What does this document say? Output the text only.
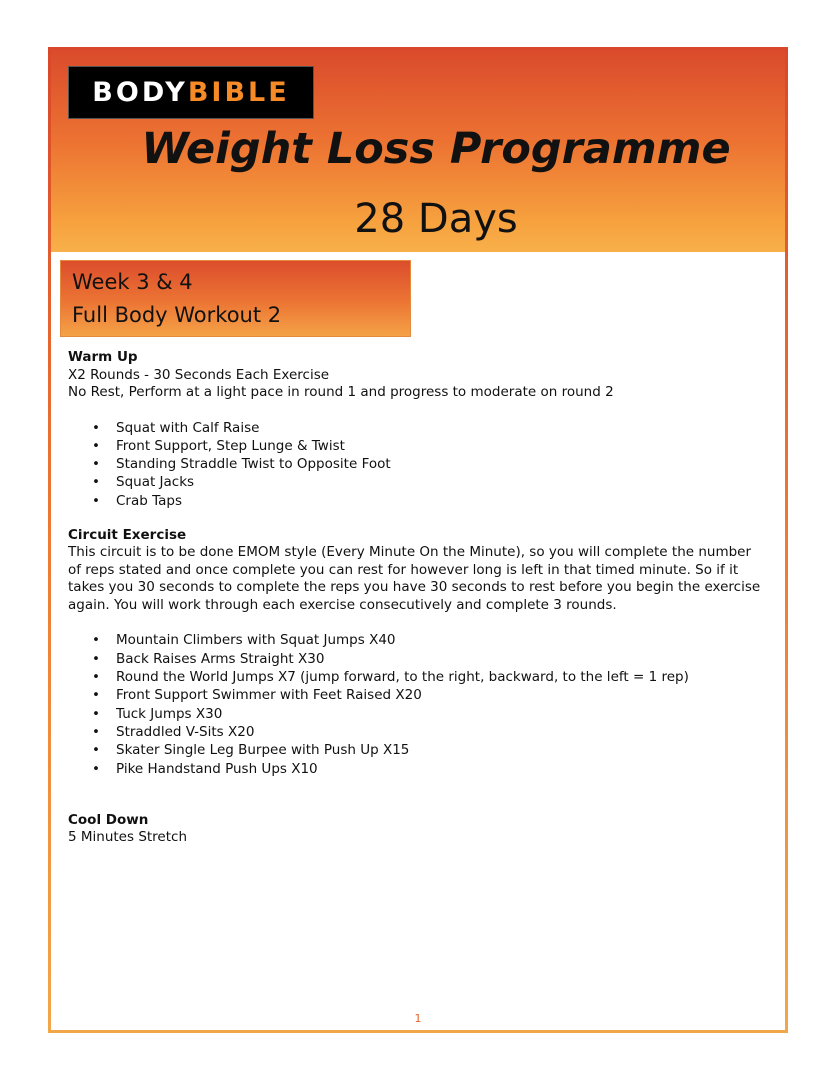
BODY BIBLE
Weight Loss Programme
28 Days
Week 3 & 4
Full Body Workout 2

Warm Up

X2 Rounds - 30 Seconds Each Exercise

No Rest, Perform at a light pace in round 1 and progress to moderate on round 2

• Squat with Calf Raise
• Front Support, Step Lunge & Twist
• Standing Straddle Twist to Opposite Foot
• Squat Jacks
• Crab Taps

Circuit Exercise

This circuit is to be done EMOM style (Every Minute On the Minute), so you will complete the number

of reps stated and once complete you can rest for however long is left in that timed minute. So if it

takes you 30 seconds to complete the reps you have 30 seconds to rest before you begin the exercise

again. You will work through each exercise consecutively and complete 3 rounds.

• Mountain Climbers with Squat Jumps X40
• Back Raises Arms Straight X30
• Round the World Jumps X7 (jump forward, to the right, backward, to the left = 1 rep)
• Front Support Swimmer with Feet Raised X20
• Tuck Jumps X30
• Straddled V-Sits X20
• Skater Single Leg Burpee with Push Up X15
• Pike Handstand Push Ups X10

Cool Down

5 Minutes Stretch

1
